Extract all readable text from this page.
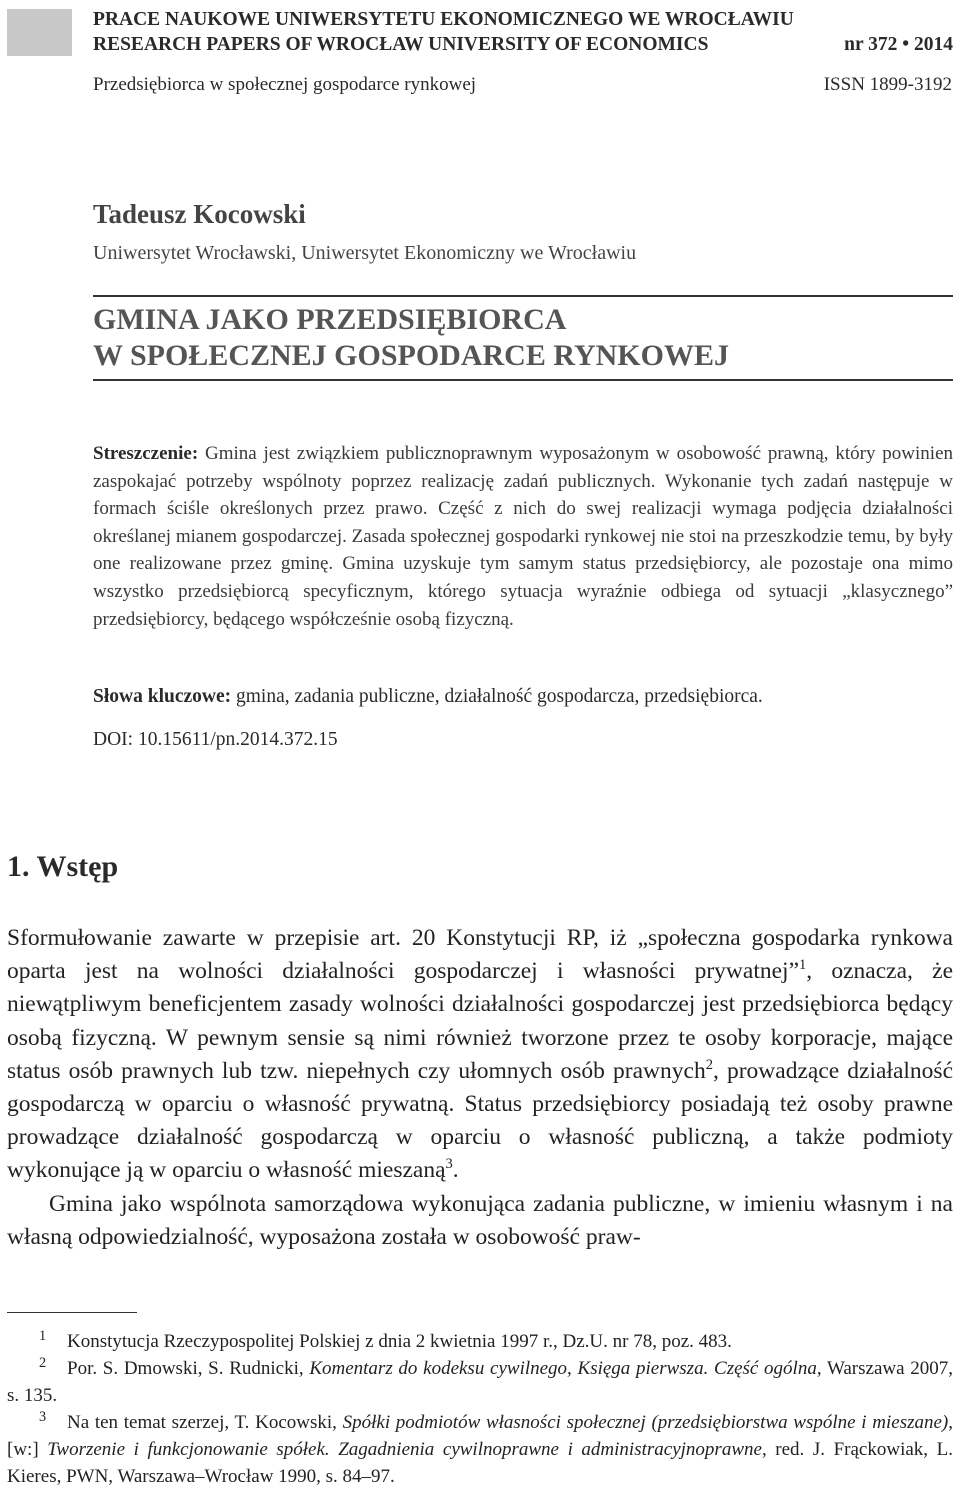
PRACE NAUKOWE UNIWERSYTETU EKONOMICZNEGO WE WROCŁAWIU
RESEARCH PAPERS OF WROCŁAW UNIVERSITY OF ECONOMICS	nr 372 • 2014
Przedsiębiorca w społecznej gospodarce rynkowej	ISSN 1899-3192
Tadeusz Kocowski
Uniwersytet Wrocławski, Uniwersytet Ekonomiczny we Wrocławiu
GMINA JAKO PRZEDSIĘBIORCA
W SPOŁECZNEJ GOSPODARCE RYNKOWEJ
Streszczenie: Gmina jest związkiem publicznoprawnym wyposażonym w osobowość prawną, który powinien zaspokajać potrzeby wspólnoty poprzez realizację zadań publicznych. Wykonanie tych zadań następuje w formach ściśle określonych przez prawo. Część z nich do swej realizacji wymaga podjęcia działalności określanej mianem gospodarczej. Zasada społecznej gospodarki rynkowej nie stoi na przeszkodzie temu, by były one realizowane przez gminę. Gmina uzyskuje tym samym status przedsiębiorcy, ale pozostaje ona mimo wszystko przedsiębiorcą specyficznym, którego sytuacja wyraźnie odbiega od sytuacji „klasycznego” przedsiębiorcy, będącego współcześnie osobą fizyczną.
Słowa kluczowe: gmina, zadania publiczne, działalność gospodarcza, przedsiębiorca.
DOI: 10.15611/pn.2014.372.15
1. Wstęp

Sformułowanie zawarte w przepisie art. 20 Konstytucji RP, iż „społeczna gospodarka rynkowa oparta jest na wolności działalności gospodarczej i własności prywatnej”$^1$, oznacza, że niewątpliwym beneficjentem zasady wolności działalności gospodarczej jest przedsiębiorca będący osobą fizyczną. W pewnym sensie są nimi również tworzone przez te osoby korporacje, mające status osób prawnych lub tzw. niepełnych czy ułomnych osób prawnych$^2$, prowadzące działalność gospodarczą w oparciu o własność prywatną. Status przedsiębiorcy posiadają też osoby prawne prowadzące działalność gospodarczą w oparciu o własność publiczną, a także podmioty wykonujące ją w oparciu o własność mieszaną$^3$.

Gmina jako wspólnota samorządowa wykonująca zadania publiczne, w imieniu własnym i na własną odpowiedzialność, wyposażona została w osobowość praw-

1 Konstytucja Rzeczypospolitej Polskiej z dnia 2 kwietnia 1997 r., Dz.U. nr 78, poz. 483.

2 Por. S. Dmowski, S. Rudnicki, Komentarz do kodeksu cywilnego, Księga pierwsza. Część ogólna, Warszawa 2007, s. 135.

3 Na ten temat szerzej, T. Kocowski, Spółki podmiotów własności społecznej (przedsiębiorstwa wspólne i mieszane), [w:] Tworzenie i funkcjonowanie spółek. Zagadnienia cywilnoprawne i administracyjnoprawne, red. J. Frąckowiak, L. Kieres, PWN, Warszawa–Wrocław 1990, s. 84–97.
